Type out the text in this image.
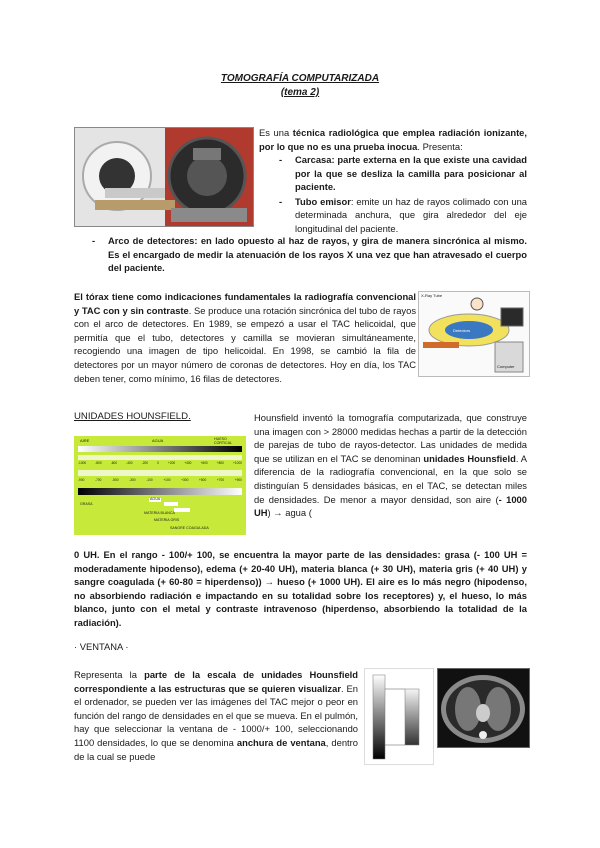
TOMOGRAFÍA COMPUTARIZADA
(tema 2)
Es una técnica radiológica que emplea radiación ionizante, por lo que no es una prueba inocua. Presenta:
- Carcasa: parte externa en la que existe una cavidad por la que se desliza la camilla para posicionar al paciente.
- Tubo emisor: emite un haz de rayos colimado con una determinada anchura, que gira alrededor del eje longitudinal del paciente.
-	Arco de detectores: en lado opuesto al haz de rayos, y gira de manera sincrónica al mismo. Es el encargado de medir la atenuación de los rayos X una vez que han atravesado el cuerpo del paciente.
El tórax tiene como indicaciones fundamentales la radiografía convencional y TAC con y sin contraste. Se produce una rotación sincrónica del tubo de rayos con el arco de detectores. En 1989, se empezó a usar el TAC helicoidal, que permitía que el tubo, detectores y camilla se movieran simultáneamente, recogiendo una imagen de tipo helicoidal. En 1998, se cambió la fila de detectores por un mayor número de coronas de detectores. Hoy en día, los TAC deben tener, como mínimo, 16 filas de detectores.
X-Ray Tube
Detectors
Computer
UNIDADES HOUNSFIELD.
AIRE	AGUA	HUESO CORTICAL
-1000	-800	-600	-400	-200	0	+200	+400	+600	+800	+1000
-900	-700	-500	-300	-100	+100	+300	+500	+700	+900
GRASA
AGUA
MATERIA BLANCA
MATERIA GRIS
SANGRE COAGULADA
Hounsfield inventó la tomografía computarizada, que construye una imagen con > 28000 medidas hechas a partir de la detección de parejas de tubo de rayos-detector. Las unidades de medida que se utilizan en el TAC se denominan unidades Hounsfield. A diferencia de la radiografía convencional, en la que solo se distinguían 5 densidades básicas, en el TAC, se detectan miles de densidades. De menor a mayor densidad, son aire (- 1000 UH) → agua (
0 UH. En el rango - 100/+ 100, se encuentra la mayor parte de las densidades: grasa (- 100 UH = moderadamente hipodenso), edema (+ 20-40 UH), materia blanca (+ 30 UH), materia gris (+ 40 UH) y sangre coagulada (+ 60-80 = hiperdenso)) → hueso (+ 1000 UH). El aire es lo más negro (hipodenso, no absorbiendo radiación e impactando en su totalidad sobre los receptores) y, el hueso, lo más blanco, junto con el metal y contraste intravenoso (hiperdenso, absorbiendo la totalidad de la radiación).
· VENTANA ·
Representa la parte de la escala de unidades Hounsfield correspondiente a las estructuras que se quieren visualizar. En el ordenador, se pueden ver las imágenes del TAC mejor o peor en función del rango de densidades en el que se mueva. En el pulmón, hay que seleccionar la ventana de - 1000/+ 100, seleccionando 1100 densidades, lo que se denomina anchura de ventana, dentro de la cual se puede
